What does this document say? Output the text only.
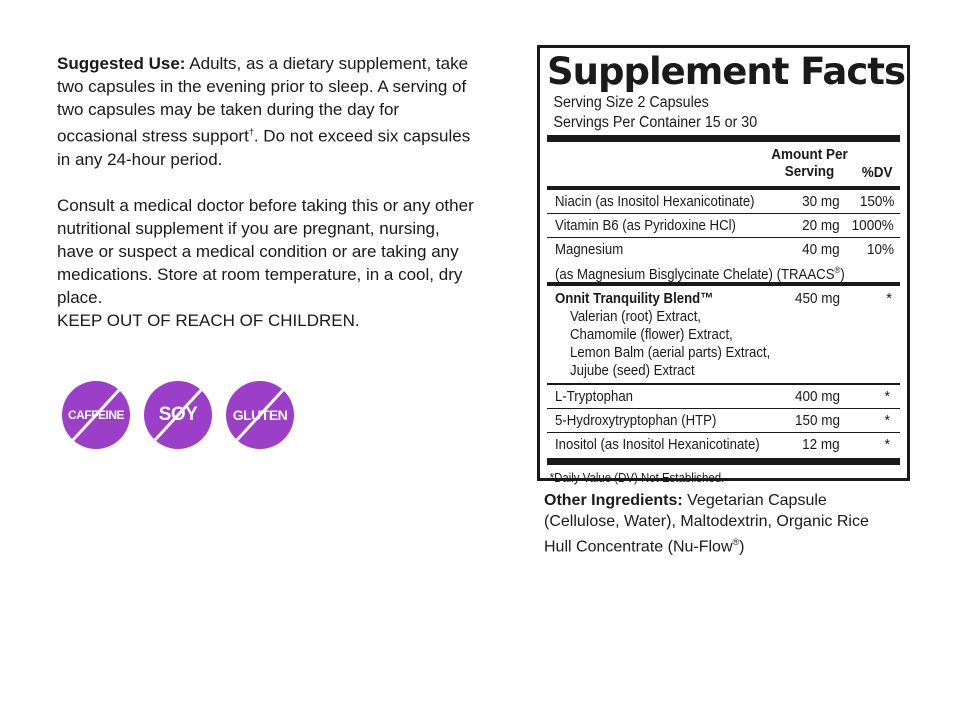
Suggested Use: Adults, as a dietary supplement, take two capsules in the evening prior to sleep. A serving of two capsules may be taken during the day for occasional stress support†. Do not exceed six capsules in any 24-hour period.

Consult a medical doctor before taking this or any other nutritional supplement if you are pregnant, nursing, have or suspect a medical condition or are taking any medications. Store at room temperature, in a cool, dry place.
KEEP OUT OF REACH OF CHILDREN.

CAFFEINE	SOY	GLUTEN
Supplement Facts
Serving Size 2 Capsules
Servings Per Container 15 or 30
Amount Per
Serving	%DV
Niacin (as Inositol Hexanicotinate)	30 mg 150%
Vitamin B6 (as Pyridoxine HCl)	20 mg 1000%
Magnesium	40 mg 10%
(as Magnesium Bisglycinate Chelate) (TRAACS®)
Onnit Tranquility Blend™	450 mg	*
Valerian (root) Extract,
Chamomile (flower) Extract,
Lemon Balm (aerial parts) Extract,
Jujube (seed) Extract
L-Tryptophan	400 mg	*
5-Hydroxytryptophan (HTP)	150 mg	*
Inositol (as Inositol Hexanicotinate)	12 mg	*
*Daily Value (DV) Not Established.
Other Ingredients: Vegetarian Capsule (Cellulose, Water), Maltodextrin, Organic Rice Hull Concentrate (Nu-Flow®)
